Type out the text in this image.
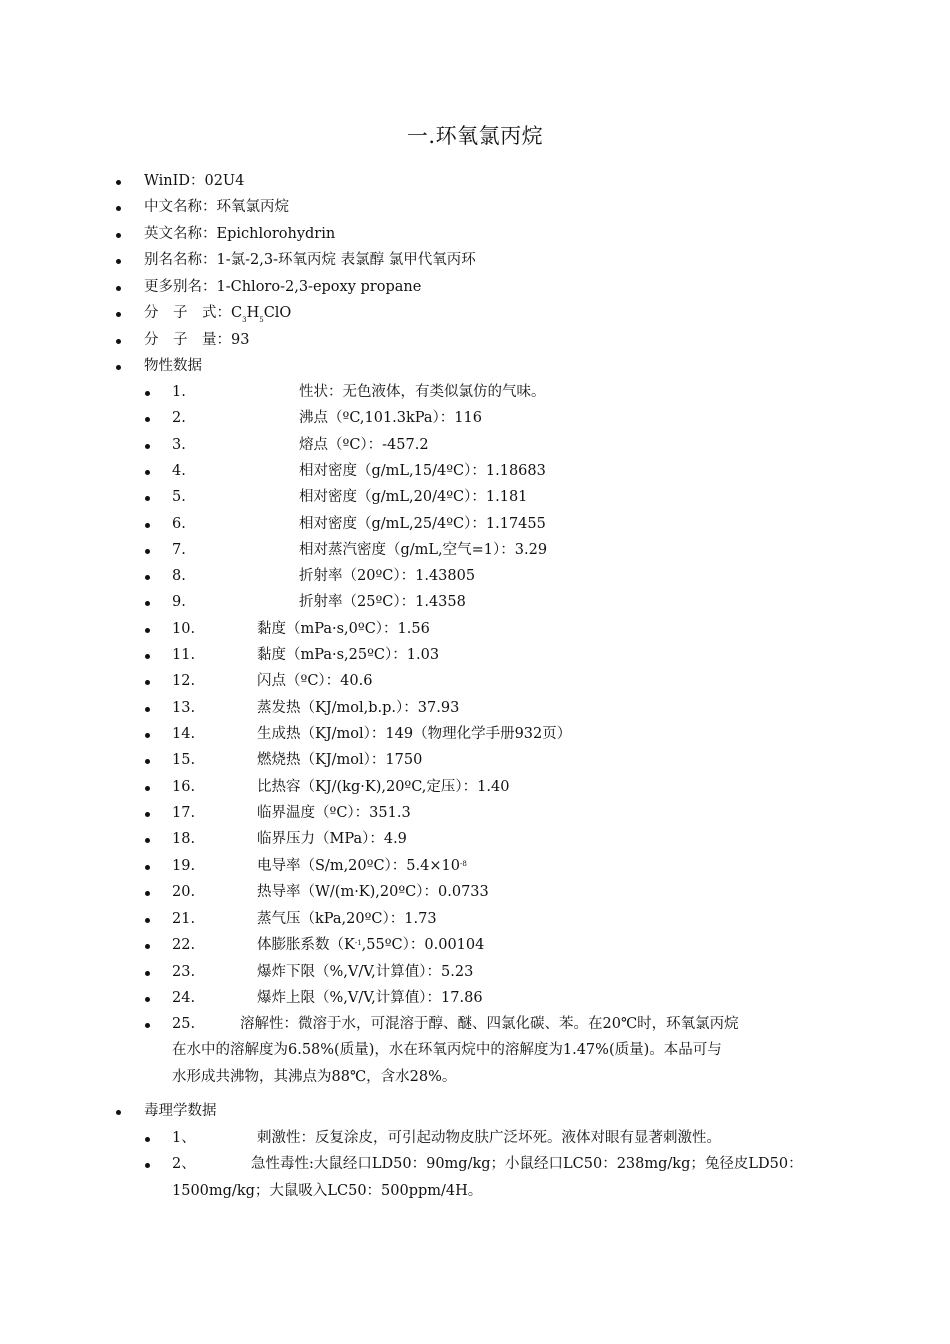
一.环氧氯丙烷
WinID：02U4
中文名称：环氧氯丙烷
英文名称：Epichlorohydrin
别名名称：1-氯-2,3-环氧丙烷 表氯醇 氯甲代氧丙环
更多别名：1-Chloro-2,3-epoxy propane
分　子　式：$C_3H_5ClO$
分　子　量：93
物性数据
1.	性状：无色液体，有类似氯仿的气味。
2.	沸点（ºC,101.3kPa）：116
3.	熔点（ºC）：-457.2
4.	相对密度（g/mL,15/4ºC）：1.18683
5.	相对密度（g/mL,20/4ºC）：1.181
6.	相对密度（g/mL,25/4ºC）：1.17455
7.	相对蒸汽密度（g/mL,空气=1）：3.29
8.	折射率（20ºC）：1.43805
9.	折射率（25ºC）：1.4358
10.	黏度（mPa·s,0ºC）：1.56
11.	黏度（mPa·s,25ºC）：1.03
12.	闪点（ºC）：40.6
13.	蒸发热（KJ/mol,b.p.）：37.93
14.	生成热（KJ/mol）：149（物理化学手册932页）
15.	燃烧热（KJ/mol）：1750
16.	比热容（KJ/(kg·K),20ºC,定压）：1.40
17.	临界温度（ºC）：351.3
18.	临界压力（MPa）：4.9
19.	电导率（S/m,20ºC）：$5.4\times 10^{-8}$
20.	热导率（W/(m·K),20ºC）：0.0733
21.	蒸气压（kPa,20ºC）：1.73
22.	体膨胀系数$(K^{-1},55ºC)$：0.00104
23.	爆炸下限（%,V/V,计算值）：5.23
24.	爆炸上限（%,V/V,计算值）：17.86
25.	溶解性：微溶于水，可混溶于醇、醚、四氯化碳、苯。在20℃时，环氧氯丙烷
在水中的溶解度为6.58%(质量)，水在环氧丙烷中的溶解度为1.47%(质量)。本品可与
水形成共沸物，其沸点为88℃，含水28%。
毒理学数据
1、	刺激性：反复涂皮，可引起动物皮肤广泛坏死。液体对眼有显著刺激性。
2、	急性毒性:大鼠经口LD50：90mg/kg；小鼠经口LC50：238mg/kg；兔径皮LD50：
1500mg/kg；大鼠吸入LC50：500ppm/4H。
